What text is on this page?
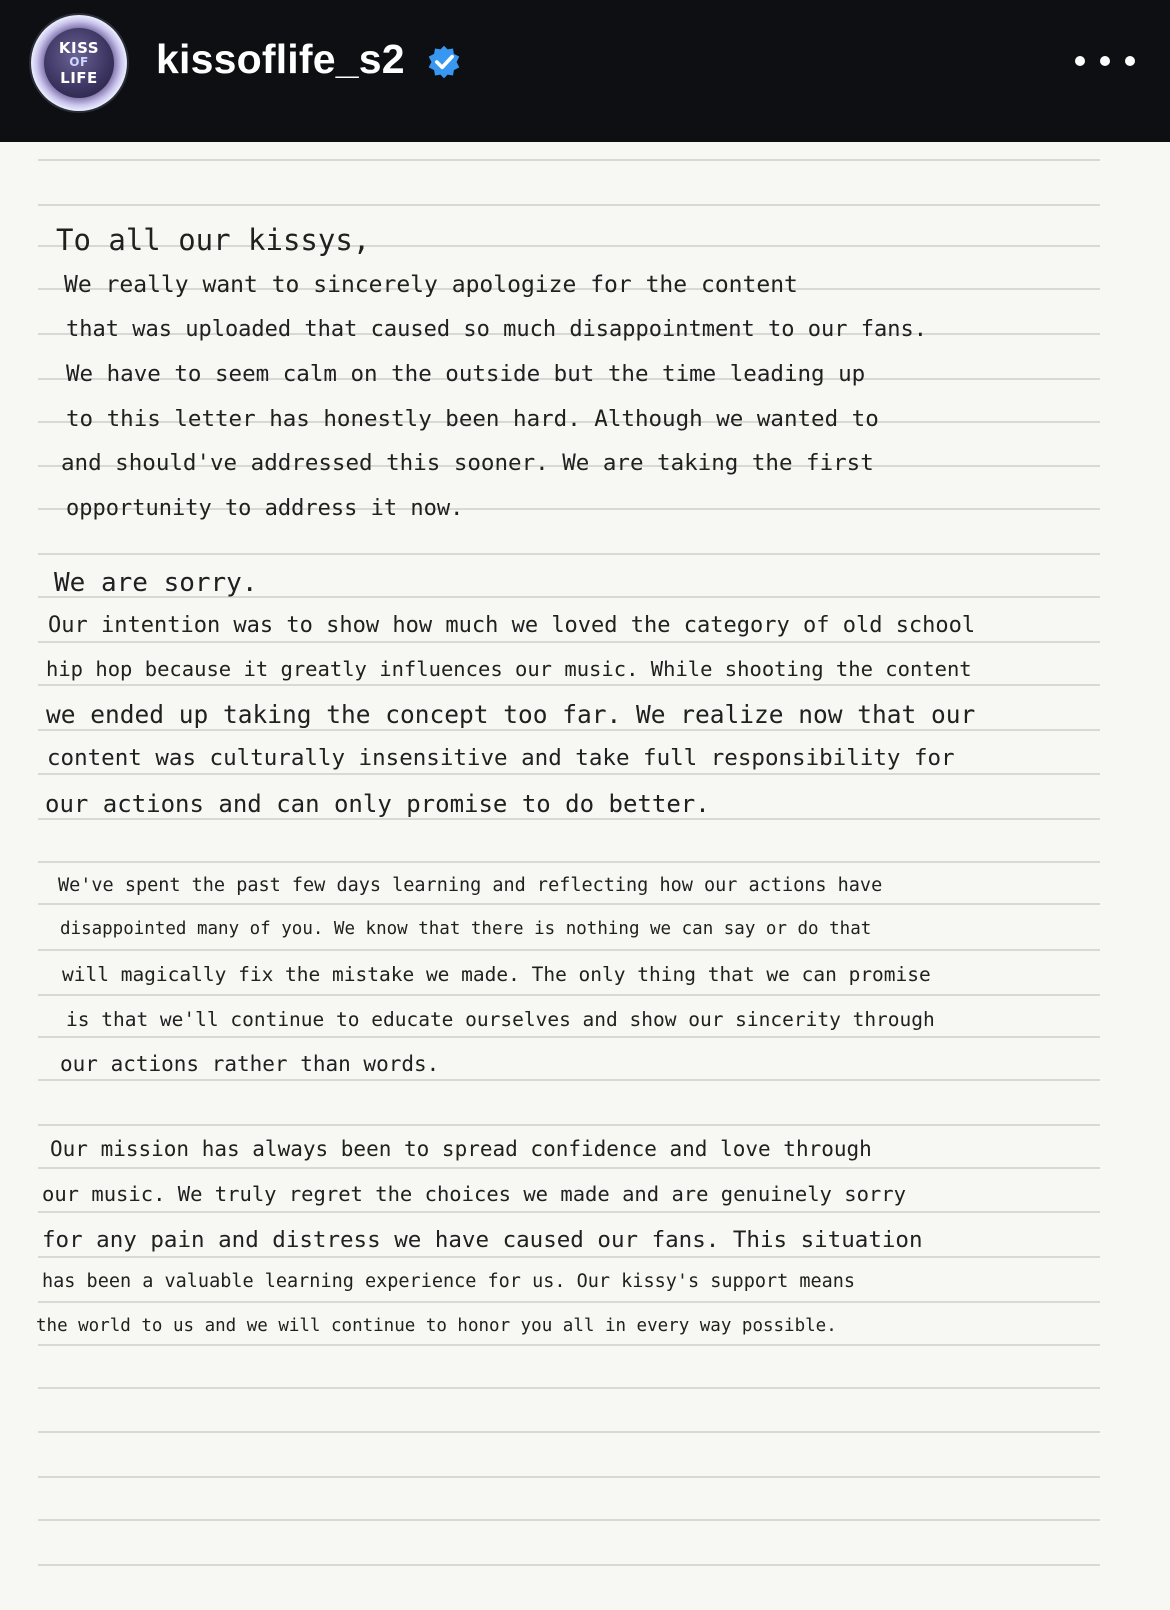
KISS
OF
LIFE	kissoflife_s2
To all our kissys,
We really want to sincerely apologize for the content
that was uploaded that caused so much disappointment to our fans.
We have to seem calm on the outside but the time leading up
to this letter has honestly been hard. Although we wanted to
and should've addressed this sooner. We are taking the first
opportunity to address it now.
We are sorry.
Our intention was to show how much we loved the category of old school
hip hop because it greatly influences our music. While shooting the content
we ended up taking the concept too far. We realize now that our
content was culturally insensitive and take full responsibility for
our actions and can only promise to do better.
We've spent the past few days learning and reflecting how our actions have
disappointed many of you. We know that there is nothing we can say or do that
will magically fix the mistake we made. The only thing that we can promise
is that we'll continue to educate ourselves and show our sincerity through
our actions rather than words.
Our mission has always been to spread confidence and love through
our music. We truly regret the choices we made and are genuinely sorry
for any pain and distress we have caused our fans. This situation
has been a valuable learning experience for us. Our kissy's support means
the world to us and we will continue to honor you all in every way possible.
